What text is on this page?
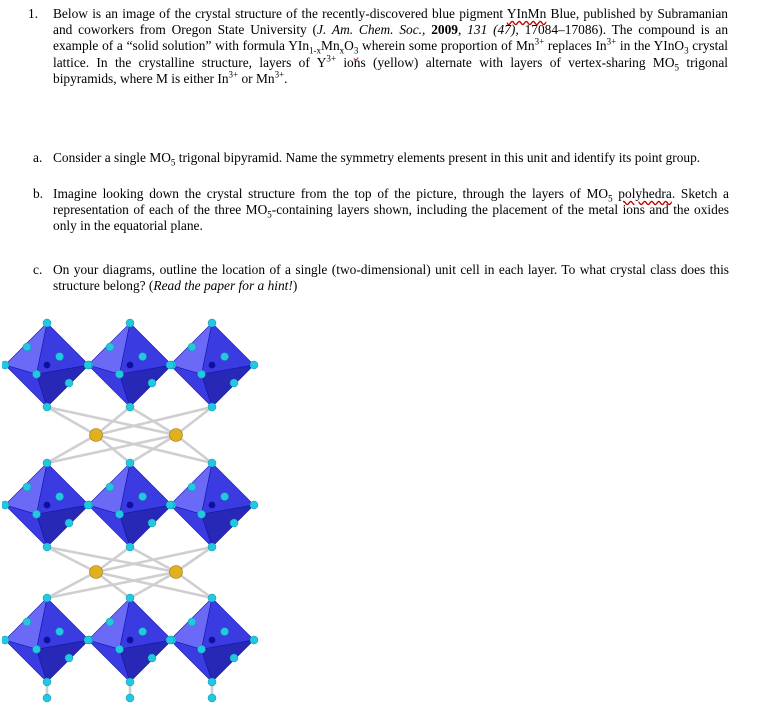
1. Below is an image of the crystal structure of the recently-discovered blue pigment YInMn Blue, published by Subramanian and coworkers from Oregon State University (J. Am. Chem. Soc., 2009, 131 (47), 17084–17086). The compound is an example of a “solid solution” with formula $YIn_{1-x}Mn_xO_3$ wherein some proportion of $Mn^{3+}$ replaces $In^{3+}$ in the YInO$_3$ crystal lattice. In the crystalline structure, layers of $Y^{3+}$ ions (yellow) alternate with layers of vertex-sharing $MO_5$ trigonal bipyramids, where M is either $In^{3+}$ or $Mn^{3+}$.

a. Consider a single $MO_5$ trigonal bipyramid. Name the symmetry elements present in this unit and identify its point group.
b. Imagine looking down the crystal structure from the top of the picture, through the layers of $MO_5$ polyhedra. Sketch a representation of each of the three $MO_5$-containing layers shown, including the placement of the metal ions and the oxides only in the equatorial plane.
c. On your diagrams, outline the location of a single (two-dimensional) unit cell in each layer. To what crystal class does this structure belong? (Read the paper for a hint!)
